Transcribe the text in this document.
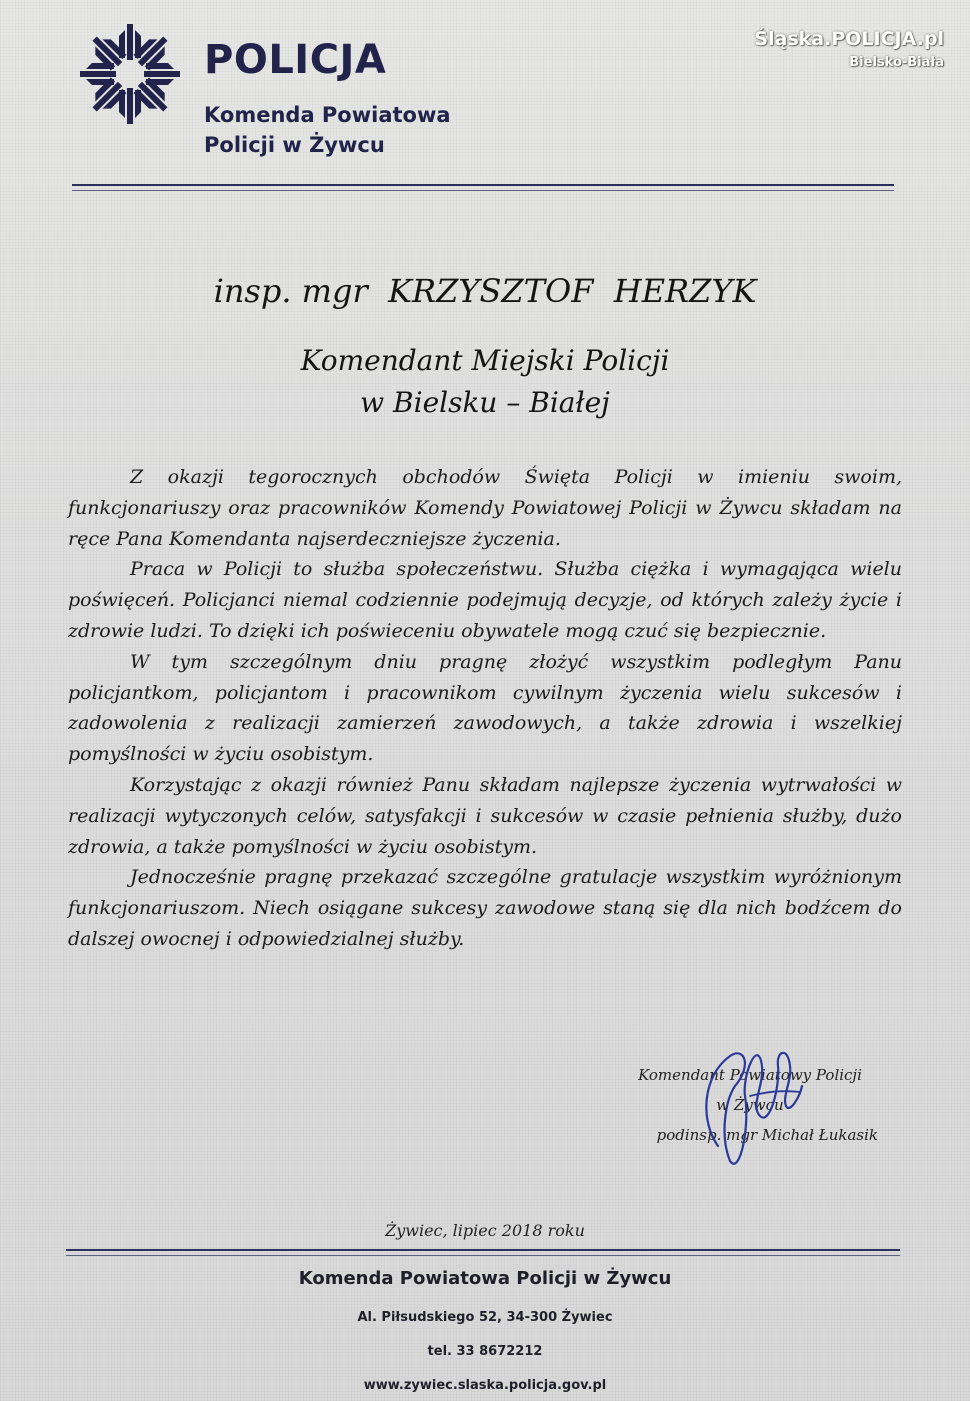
POLICJA
Komenda Powiatowa
Policji w Żywcu
Śląska.POLICJA.pl
Bielsko-Biała
insp. mgr  KRZYSZTOF  HERZYK
Komendant Miejski Policji
w Bielsku – Białej

Z okazji tegorocznych obchodów Święta Policji w imieniu swoim, funkcjonariuszy oraz pracowników Komendy Powiatowej Policji w Żywcu składam na ręce Pana Komendanta najserdeczniejsze życzenia.

Praca w Policji to służba społeczeństwu. Służba ciężka i wymagająca wielu poświęceń. Policjanci niemal codziennie podejmują decyzje, od których zależy życie i zdrowie ludzi. To dzięki ich poświeceniu obywatele mogą czuć się bezpiecznie.

W tym szczególnym dniu pragnę złożyć wszystkim podległym Panu policjantkom, policjantom i pracownikom cywilnym życzenia wielu sukcesów i zadowolenia z realizacji zamierzeń zawodowych, a także zdrowia i wszelkiej pomyślności w życiu osobistym.

Korzystając z okazji również Panu składam najlepsze życzenia wytrwałości w realizacji wytyczonych celów, satysfakcji i sukcesów w czasie pełnienia służby, dużo zdrowia, a także pomyślności w życiu osobistym.

Jednocześnie pragnę przekazać szczególne gratulacje wszystkim wyróżnionym funkcjonariuszom. Niech osiągane sukcesy zawodowe staną się dla nich bodźcem do dalszej owocnej i odpowiedzialnej służby.

Komendant Powiatowy Policji
w Żywcu
podinsp. mgr Michał Łukasik
Żywiec, lipiec 2018 roku
Komenda Powiatowa Policji w Żywcu
Al. Piłsudskiego 52, 34-300 Żywiec
tel. 33 8672212
www.zywiec.slaska.policja.gov.pl
